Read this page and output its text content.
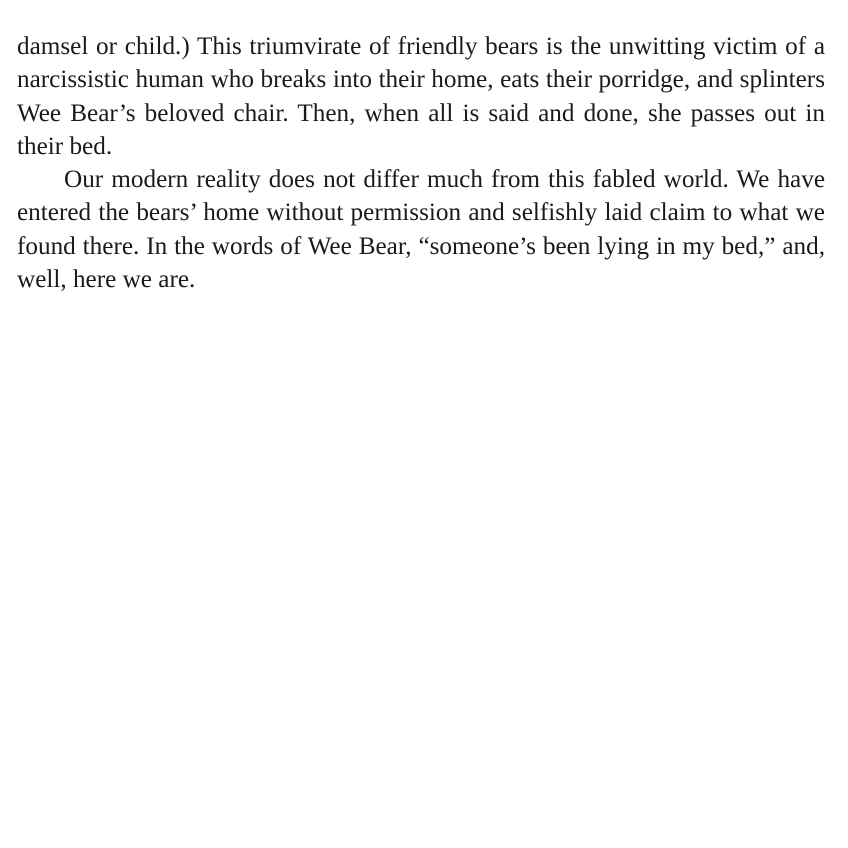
damsel or child.) This triumvirate of friendly bears is the unwitting victim of a narcissistic human who breaks into their home, eats their porridge, and splinters Wee Bear’s beloved chair. Then, when all is said and done, she passes out in their bed.

Our modern reality does not differ much from this fabled world. We have entered the bears’ home without permission and selfishly laid claim to what we found there. In the words of Wee Bear, “someone’s been lying in my bed,” and, well, here we are.
